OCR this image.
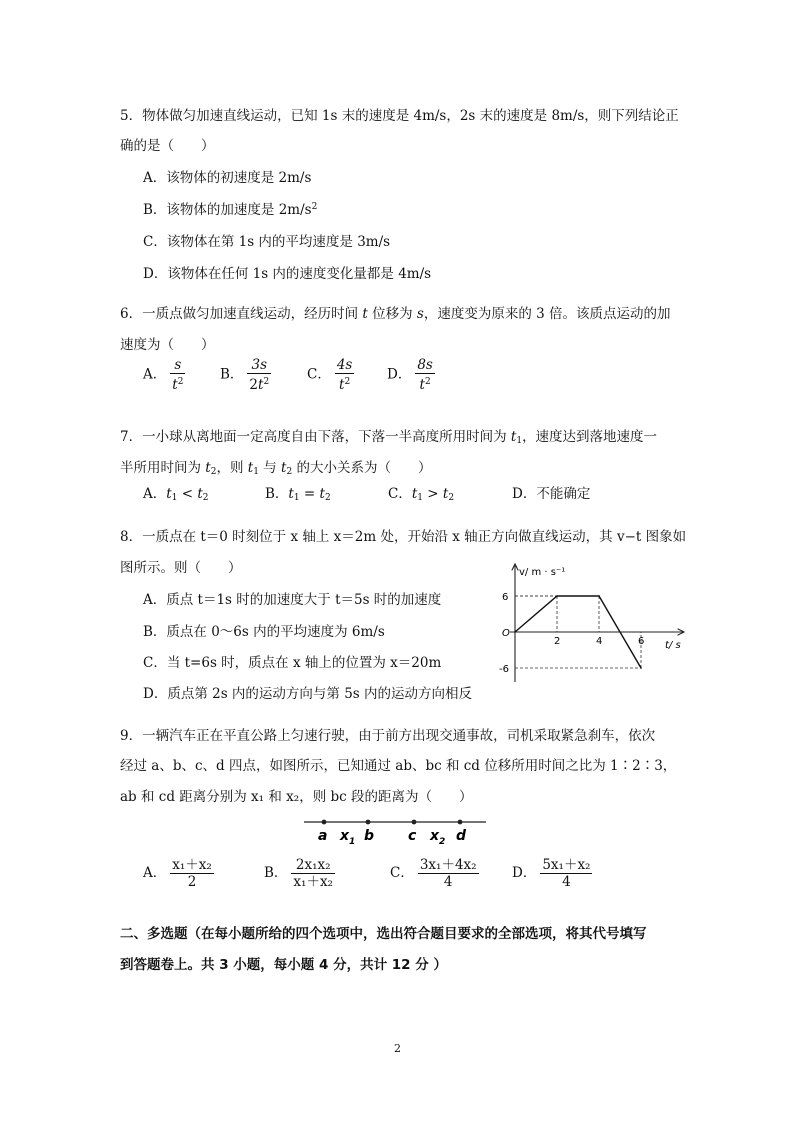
5．物体做匀加速直线运动，已知 1s 末的速度是 4m/s，2s 末的速度是 8m/s，则下列结论正
确的是（　　）
A．该物体的初速度是 2m/s
B．该物体的加速度是 $2m/s^2$
C．该物体在第 1s 内的平均速度是 3m/s
D．该物体在任何 1s 内的速度变化量都是 4m/s
6．一质点做匀加速直线运动，经历时间 t 位移为 s，速度变为原来的 3 倍。该质点运动的加
速度为（　　）
A． $\frac{s}{t^2}$	B． $\frac{3s}{2t^2}$	C． $\frac{4s}{t^2}$ D． $\frac{8s}{t^2}$
7．一小球从离地面一定高度自由下落，下落一半高度所用时间为 $t_1$，速度达到落地速度一
半所用时间为 $t_2$，则 $t_1$ 与 $t_2$ 的大小关系为（　　）
A．$t_1 < t_2$	B．$t_1 = t_2$	C．$t_1 > t_2$	D．不能确定
8．一质点在 t＝0 时刻位于 x 轴上 x＝2m 处，开始沿 x 轴正方向做直线运动，其 v−t 图象如
图所示。则（　　）
A．质点 t＝1s 时的加速度大于 t＝5s 时的加速度
B．质点在 0～6s 内的平均速度为 6m/s
C．当 t=6s 时，质点在 x 轴上的位置为 x＝20m
D．质点第 2s 内的运动方向与第 5s 内的运动方向相反
v/ m · s⁻¹
t/ s
O
2	4	6
6
-6
9．一辆汽车正在平直公路上匀速行驶，由于前方出现交通事故，司机采取紧急刹车，依次
经过 a、b、c、d 四点，如图所示，已知通过 ab、bc 和 cd 位移所用时间之比为 1∶2∶3，
ab 和 cd 距离分别为 x₁ 和 x₂，则 bc 段的距离为（　　）
a $x_1$ b c $x_2$ d
A． $\frac{\text{x₁＋x₂}}{2}$	B． $\frac{\text{2x₁x₂}}{\text{x₁＋x₂}}$	C． $\frac{\text{3x₁＋4x₂}}{4}$ D． $\frac{\text{5x₁＋x₂}}{4}$
二、多选题（在每小题所给的四个选项中，选出符合题目要求的全部选项，将其代号填写
到答题卷上。共 3 小题，每小题 4 分，共计 12 分 ）
2
